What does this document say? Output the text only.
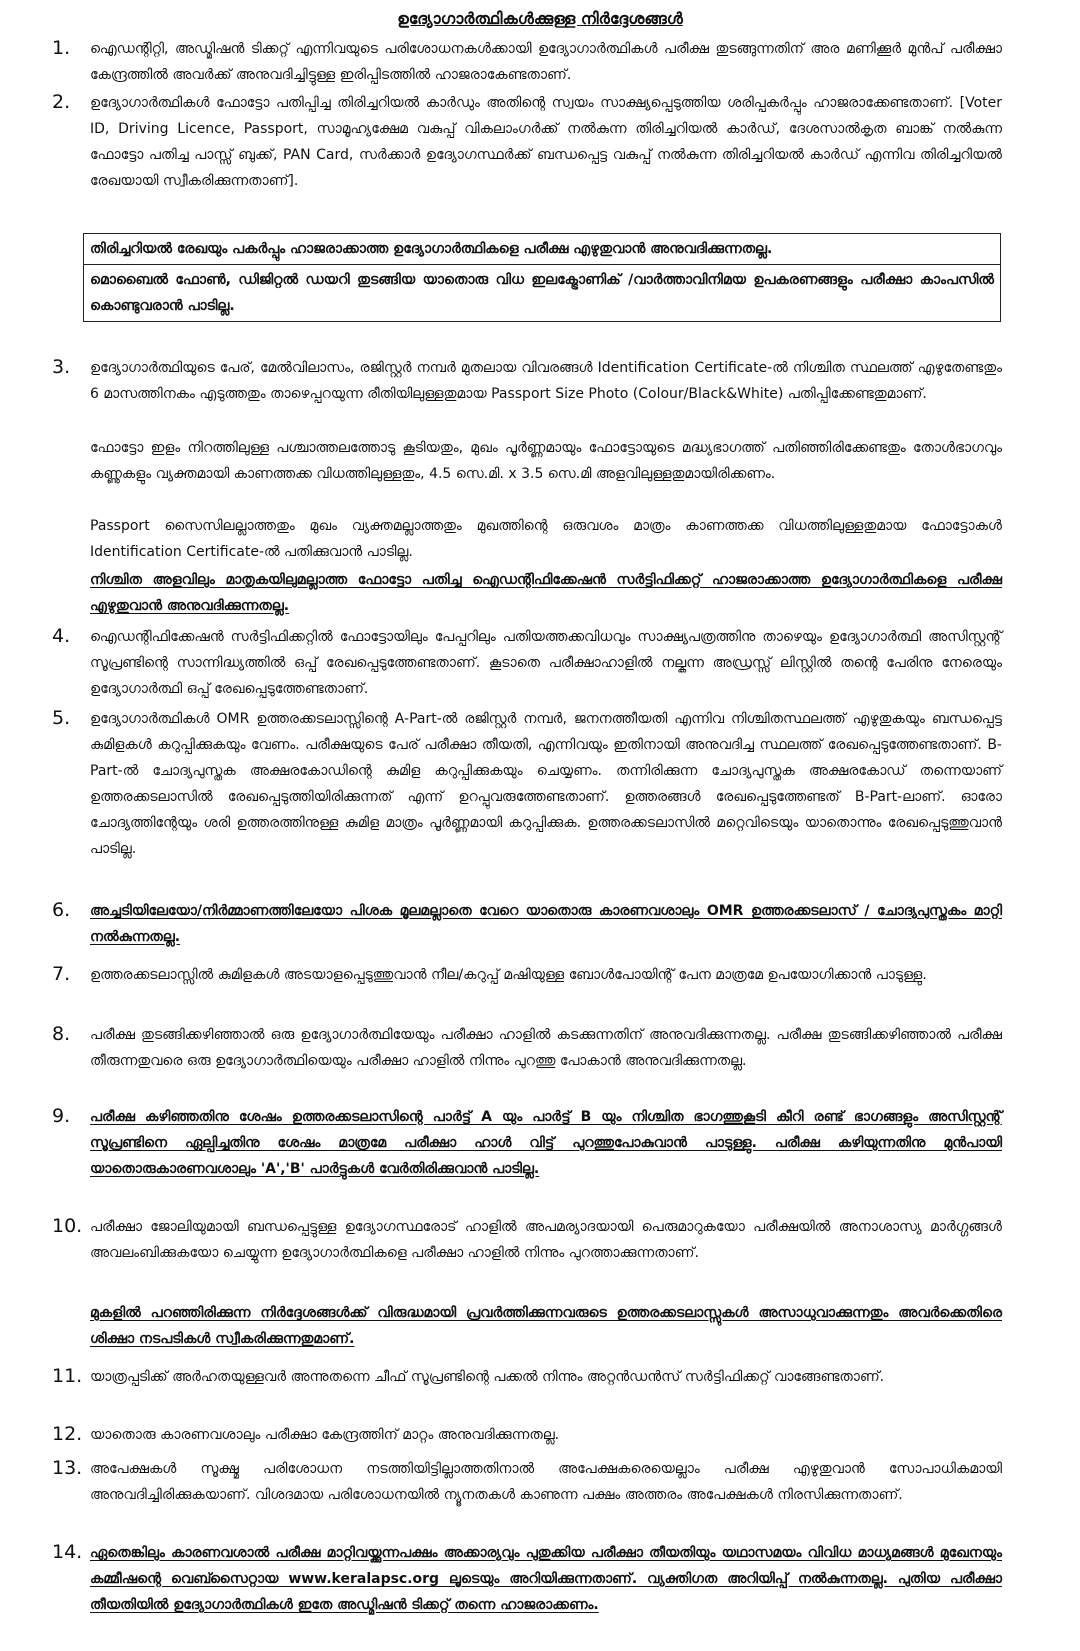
ഉദ്യോഗാർത്ഥികൾക്കുള്ള നിർദ്ദേശങ്ങൾ
1.	ഐഡന്റിറ്റി, അഡ്മിഷൻ ടിക്കറ്റ് എന്നിവയുടെ പരിശോധനകൾക്കായി ഉദ്യോഗാർത്ഥികൾ പരീക്ഷ തുടങ്ങുന്നതിന് അര മണിക്കൂർ മുൻപ് പരീക്ഷാ കേന്ദ്രത്തിൽ അവർക്ക് അനുവദിച്ചിട്ടുള്ള ഇരിപ്പിടത്തിൽ ഹാജരാകേണ്ടതാണ്.
2.	ഉദ്യോഗാർത്ഥികൾ ഫോട്ടോ പതിപ്പിച്ച തിരിച്ചറിയൽ കാർഡും അതിന്റെ സ്വയം സാക്ഷ്യപ്പെടുത്തിയ ശരിപ്പകർപ്പും ഹാജരാക്കേണ്ടതാണ്. [Voter ID, Driving Licence, Passport, സാമൂഹ്യക്ഷേമ വകുപ്പ് വികലാംഗർക്ക് നൽകുന്ന തിരിച്ചറിയൽ കാർഡ്, ദേശസാൽകൃത ബാങ്ക് നൽകുന്ന ഫോട്ടോ പതിച്ച പാസ്സ് ബുക്ക്, PAN Card, സർക്കാർ ഉദ്യോഗസ്ഥർക്ക് ബന്ധപ്പെട്ട വകുപ്പ് നൽകുന്ന തിരിച്ചറിയൽ കാർഡ് എന്നിവ തിരിച്ചറിയൽ രേഖയായി സ്വീകരിക്കുന്നതാണ്].
തിരിച്ചറിയൽ രേഖയും പകർപ്പും ഹാജരാക്കാത്ത ഉദ്യോഗാർത്ഥികളെ പരീക്ഷ എഴുതുവാൻ അനുവദിക്കുന്നതല്ല.
മൊബൈൽ ഫോൺ, ഡിജിറ്റൽ ഡയറി തുടങ്ങിയ യാതൊരു വിധ ഇലക്ട്രോണിക് /വാർത്താവിനിമയ ഉപകരണങ്ങളും പരീക്ഷാ കാംപസിൽ കൊണ്ടുവരാൻ പാടില്ല.
3.	ഉദ്യോഗാർത്ഥിയുടെ പേര്, മേൽവിലാസം, രജിസ്റ്റർ നമ്പർ മുതലായ വിവരങ്ങൾ Identification Certificate-ൽ നിശ്ചിത സ്ഥലത്ത് എഴുതേണ്ടതും 6 മാസത്തിനകം എടുത്തതും താഴെപ്പറയുന്ന രീതിയിലുള്ളതുമായ Passport Size Photo (Colour/Black&White) പതിപ്പിക്കേണ്ടതുമാണ്.
ഫോട്ടോ ഇളം നിറത്തിലുള്ള പശ്ചാത്തലത്തോടു കൂടിയതും, മുഖം പൂർണ്ണമായും ഫോട്ടോയുടെ മദ്ധ്യഭാഗത്ത് പതിഞ്ഞിരിക്കേണ്ടതും തോൾഭാഗവും കണ്ണുകളും വ്യക്തമായി കാണത്തക്ക വിധത്തിലുള്ളതും, 4.5 സെ.മി. x 3.5 സെ.മി അളവിലുള്ളതുമായിരിക്കണം.
Passport സൈസിലല്ലാത്തതും മുഖം വ്യക്തമല്ലാത്തതും മുഖത്തിന്റെ ഒരുവശം മാത്രം കാണത്തക്ക വിധത്തിലുള്ളതുമായ ഫോട്ടോകൾ Identification Certificate-ൽ പതിക്കുവാൻ പാടില്ല.
നിശ്ചിത അളവിലും മാതൃകയിലുമല്ലാത്ത ഫോട്ടോ പതിച്ച ഐഡന്റിഫിക്കേഷൻ സർട്ടിഫിക്കറ്റ് ഹാജരാക്കാത്ത ഉദ്യോഗാർത്ഥികളെ പരീക്ഷ എഴുതുവാൻ അനുവദിക്കുന്നതല്ല.
4.	ഐഡന്റിഫിക്കേഷൻ സർട്ടിഫിക്കറ്റിൽ ഫോട്ടോയിലും പേപ്പറിലും പതിയത്തക്കവിധവും സാക്ഷ്യപത്രത്തിനു താഴെയും ഉദ്യോഗാർത്ഥി അസിസ്റ്റന്റ് സൂപ്രണ്ടിന്റെ സാന്നിദ്ധ്യത്തിൽ ഒപ്പ് രേഖപ്പെടുത്തേണ്ടതാണ്. കൂടാതെ പരീക്ഷാഹാളിൽ നല്കുന്ന അഡ്രസ്സ് ലിസ്റ്റിൽ തന്റെ പേരിനു നേരെയും ഉദ്യോഗാർത്ഥി ഒപ്പ് രേഖപ്പെടുത്തേണ്ടതാണ്.
5.	ഉദ്യോഗാർത്ഥികൾ OMR ഉത്തരക്കടലാസ്സിന്റെ A-Part-ൽ രജിസ്റ്റർ നമ്പർ, ജനനത്തീയതി എന്നിവ നിശ്ചിതസ്ഥലത്ത് എഴുതുകയും ബന്ധപ്പെട്ട കുമിളകൾ കറുപ്പിക്കുകയും വേണം. പരീക്ഷയുടെ പേര് പരീക്ഷാ തീയതി, എന്നിവയും ഇതിനായി അനുവദിച്ച സ്ഥലത്ത് രേഖപ്പെടുത്തേണ്ടതാണ്. B-Part-ൽ ചോദ്യപുസ്തക അക്ഷരകോഡിന്റെ കുമിള കറുപ്പിക്കുകയും ചെയ്യണം. തന്നിരിക്കുന്ന ചോദ്യപുസ്തക അക്ഷരകോഡ് തന്നെയാണ് ഉത്തരക്കടലാസിൽ രേഖപ്പെടുത്തിയിരിക്കുന്നത് എന്ന് ഉറപ്പുവരുത്തേണ്ടതാണ്. ഉത്തരങ്ങൾ രേഖപ്പെടുത്തേണ്ടത് B-Part-ലാണ്. ഓരോ ചോദ്യത്തിന്റേയും ശരി ഉത്തരത്തിനുള്ള കുമിള മാത്രം പൂർണ്ണമായി കറുപ്പിക്കുക. ഉത്തരക്കടലാസിൽ മറ്റെവിടെയും യാതൊന്നും രേഖപ്പെടുത്തുവാൻ പാടില്ല.
6.	അച്ചടിയിലേയോ/നിർമ്മാണത്തിലേയോ പിശക മൂലമല്ലാതെ വേറെ യാതൊരു കാരണവശാലും OMR ഉത്തരക്കടലാസ് / ചോദ്യപുസ്തകം മാറ്റി നൽകുന്നതല്ല.
7.	ഉത്തരക്കടലാസ്സിൽ കുമിളകൾ അടയാളപ്പെടുത്തുവാൻ നീല/കറുപ്പ് മഷിയുള്ള ബോൾപോയിന്റ് പേന മാത്രമേ ഉപയോഗിക്കാൻ പാടുള്ളു.
8.	പരീക്ഷ തുടങ്ങിക്കഴിഞ്ഞാൽ ഒരു ഉദ്യോഗാർത്ഥിയേയും പരീക്ഷാ ഹാളിൽ കടക്കുന്നതിന് അനുവദിക്കുന്നതല്ല. പരീക്ഷ തുടങ്ങിക്കഴിഞ്ഞാൽ പരീക്ഷ തീരുന്നതുവരെ ഒരു ഉദ്യോഗാർത്ഥിയെയും പരീക്ഷാ ഹാളിൽ നിന്നും പുറത്തു പോകാൻ അനുവദിക്കുന്നതല്ല.
9.	പരീക്ഷ കഴിഞ്ഞതിനു ശേഷം ഉത്തരക്കടലാസിന്റെ പാർട്ട് A യും പാർട്ട് B യും നിശ്ചിത ഭാഗത്തുകൂടി കീറി രണ്ട് ഭാഗങ്ങളും അസിസ്റ്റന്റ് സൂപ്രണ്ടിനെ ഏല്പിച്ചതിനു ശേഷം മാത്രമേ പരീക്ഷാ ഹാൾ വിട്ട് പുറത്തുപോകുവാൻ പാടുള്ളു. പരീക്ഷ കഴിയുന്നതിനു മുൻപായി യാതൊരുകാരണവശാലും 'A','B' പാർട്ടുകൾ വേർതിരിക്കുവാൻ പാടില്ല.
10. പരീക്ഷാ ജോലിയുമായി ബന്ധപ്പെട്ടുള്ള ഉദ്യോഗസ്ഥരോട് ഹാളിൽ അപമര്യാദയായി പെരുമാറുകയോ പരീക്ഷയിൽ അനാശാസ്യ മാർഗ്ഗങ്ങൾ അവലംബിക്കുകയോ ചെയ്യുന്ന ഉദ്യോഗാർത്ഥികളെ പരീക്ഷാ ഹാളിൽ നിന്നും പുറത്താക്കുന്നതാണ്.
മുകളിൽ പറഞ്ഞിരിക്കുന്ന നിർദ്ദേശങ്ങൾക്ക് വിരുദ്ധമായി പ്രവർത്തിക്കുന്നവരുടെ ഉത്തരക്കടലാസ്സുകൾ അസാധുവാക്കുന്നതും അവർക്കെതിരെ ശിക്ഷാ നടപടികൾ സ്വീകരിക്കുന്നതുമാണ്.
11. യാത്രപ്പടിക്ക് അർഹതയുള്ളവർ അന്നുതന്നെ ചീഫ് സൂപ്രണ്ടിന്റെ പക്കൽ നിന്നും അറ്റൻഡൻസ് സർട്ടിഫിക്കറ്റ് വാങ്ങേണ്ടതാണ്.
12. യാതൊരു കാരണവശാലും പരീക്ഷാ കേന്ദ്രത്തിന് മാറ്റം അനുവദിക്കുന്നതല്ല.
13. അപേക്ഷകൾ സൂക്ഷ്മ പരിശോധന നടത്തിയിട്ടില്ലാത്തതിനാൽ അപേക്ഷകരെയെല്ലാം പരീക്ഷ എഴുതുവാൻ സോപാധികമായി അനുവദിച്ചിരിക്കുകയാണ്. വിശദമായ പരിശോധനയിൽ ന്യൂനതകൾ കാണുന്ന പക്ഷം അത്തരം അപേക്ഷകൾ നിരസിക്കുന്നതാണ്.
14. ഏതെങ്കിലും കാരണവശാൽ പരീക്ഷ മാറ്റിവയ്ക്കുന്നപക്ഷം അക്കാര്യവും പുതുക്കിയ പരീക്ഷാ തീയതിയും യഥാസമയം വിവിധ മാധ്യമങ്ങൾ മുഖേനയും കമ്മീഷന്റെ വെബ്സൈറ്റായ www.keralapsc.org ലൂടെയും അറിയിക്കുന്നതാണ്. വ്യക്തിഗത അറിയിപ്പ് നൽകുന്നതല്ല. പുതിയ പരീക്ഷാ തീയതിയിൽ ഉദ്യോഗാർത്ഥികൾ ഇതേ അഡ്മിഷൻ ടിക്കറ്റ് തന്നെ ഹാജരാക്കണം.
